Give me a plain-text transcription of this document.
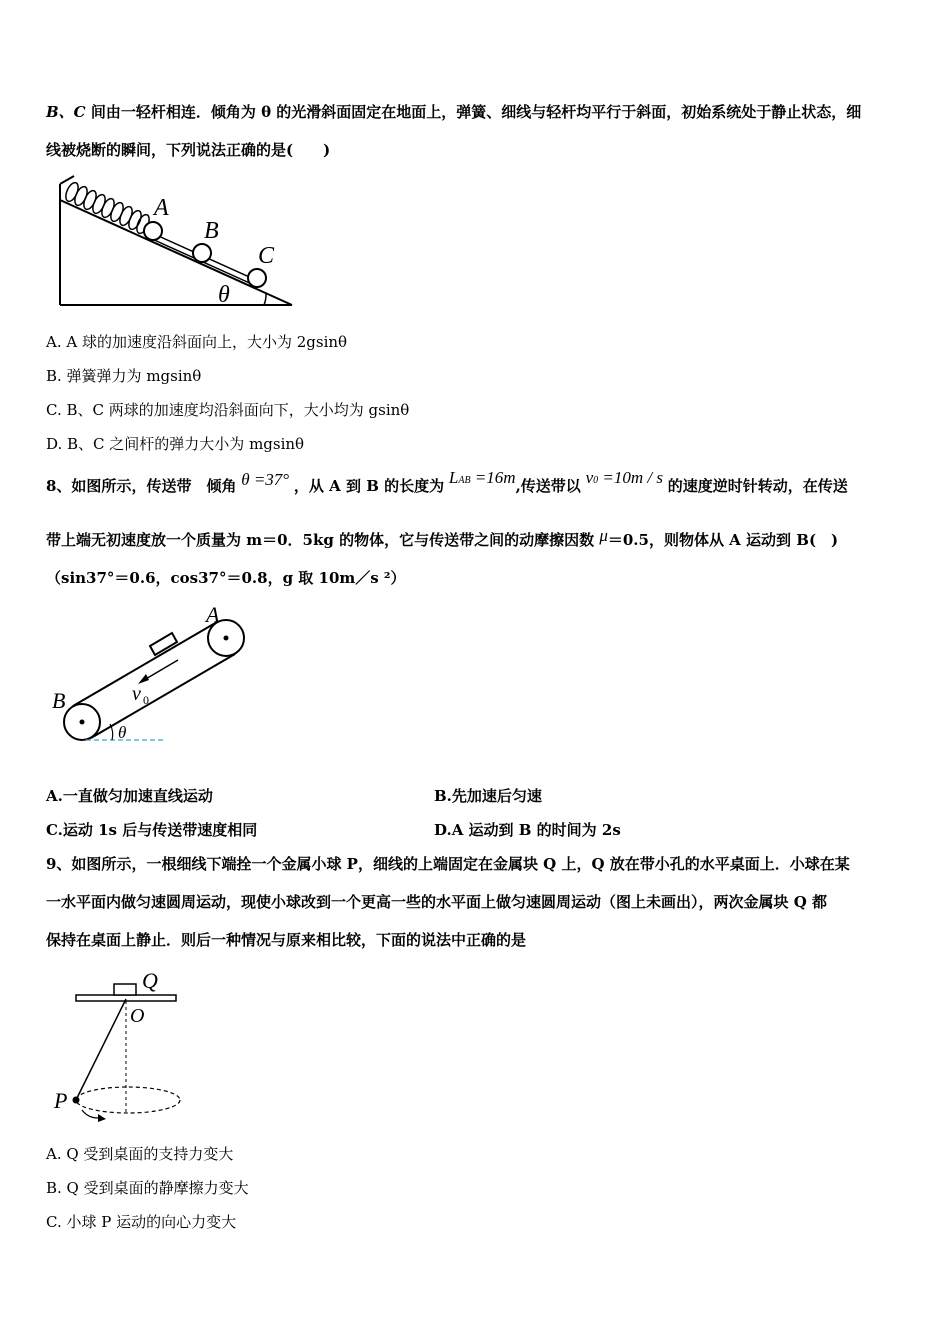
B、C 间由一轻杆相连．倾角为 θ 的光滑斜面固定在地面上，弹簧、细线与轻杆均平行于斜面，初始系统处于静止状态，细
线被烧断的瞬间，下列说法正确的是(　　)
A
B
C
θ
A. A 球的加速度沿斜面向上，大小为 2gsinθ
B. 弹簧弹力为 mgsinθ
C. B、C 两球的加速度均沿斜面向下，大小均为 gsinθ
D. B、C 之间杆的弹力大小为 mgsinθ
8、如图所示，传送带　倾角 θ =37° ，从 A 到 B 的长度为 LAB =16m,传送带以 v0 =10m / s 的速度逆时针转动，在传送
带上端无初速度放一个质量为 m＝0．5kg 的物体，它与传送带之间的动摩擦因数 μ＝0.5，则物体从 A 运动到 B(　)
（sin37°＝0.6，cos37°＝0.8，g 取 10m／s ²）
A
B	v 0
θ
A.一直做匀加速直线运动	B.先加速后匀速
C.运动 1s 后与传送带速度相同	D.A 运动到 B 的时间为 2s
9、如图所示，一根细线下端拴一个金属小球 P，细线的上端固定在金属块 Q 上，Q 放在带小孔的水平桌面上．小球在某
一水平面内做匀速圆周运动，现使小球改到一个更高一些的水平面上做匀速圆周运动（图上未画出），两次金属块 Q 都
保持在桌面上静止．则后一种情况与原来相比较，下面的说法中正确的是
Q
O
P
A. Q 受到桌面的支持力变大
B. Q 受到桌面的静摩擦力变大
C. 小球 P 运动的向心力变大
